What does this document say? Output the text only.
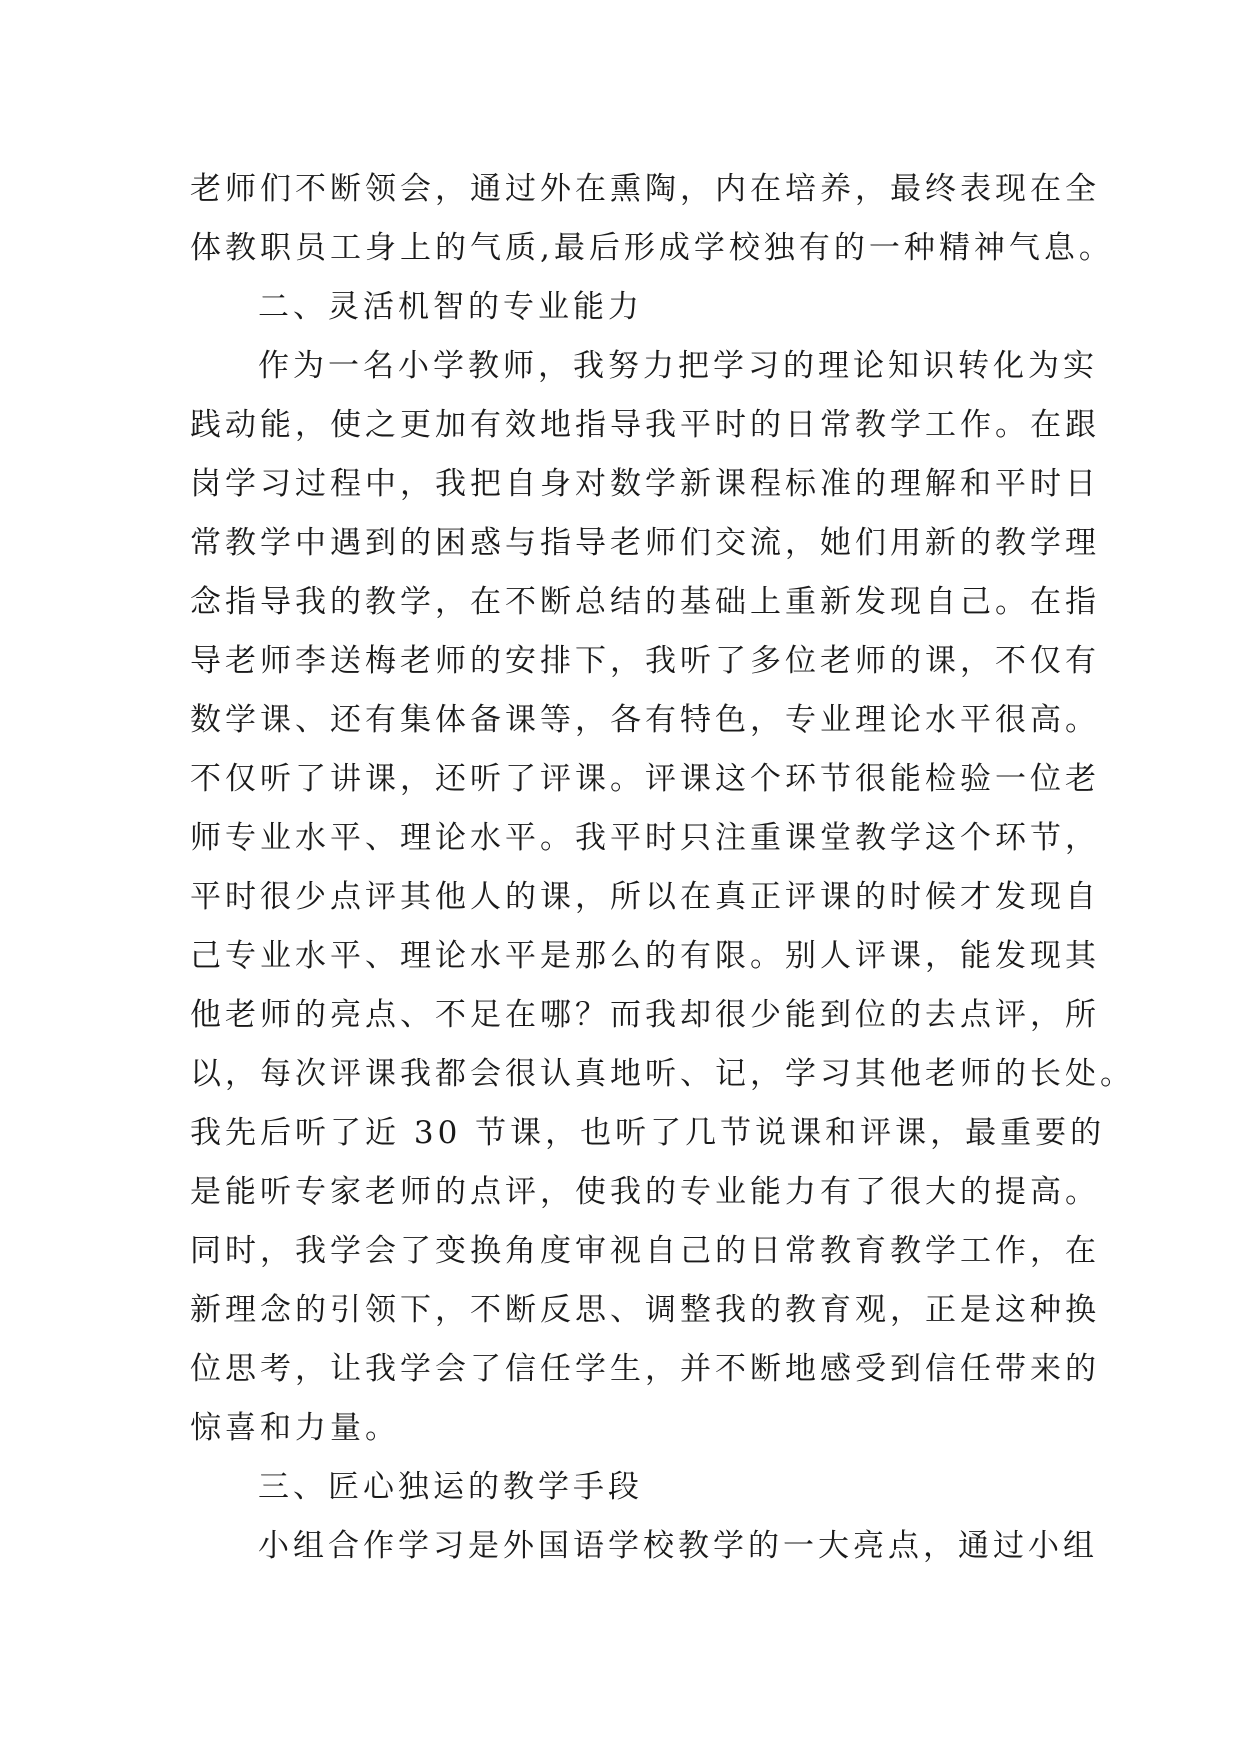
老师们不断领会，通过外在熏陶，内在培养，最终表现在全
体教职员工身上的气质,最后形成学校独有的一种精神气息。
二、灵活机智的专业能力
作为一名小学教师，我努力把学习的理论知识转化为实
践动能，使之更加有效地指导我平时的日常教学工作。在跟
岗学习过程中，我把自身对数学新课程标准的理解和平时日
常教学中遇到的困惑与指导老师们交流，她们用新的教学理
念指导我的教学，在不断总结的基础上重新发现自己。在指
导老师李送梅老师的安排下，我听了多位老师的课，不仅有
数学课、还有集体备课等，各有特色，专业理论水平很高。
不仅听了讲课，还听了评课。评课这个环节很能检验一位老
师专业水平、理论水平。我平时只注重课堂教学这个环节，
平时很少点评其他人的课，所以在真正评课的时候才发现自
己专业水平、理论水平是那么的有限。别人评课，能发现其
他老师的亮点、不足在哪？而我却很少能到位的去点评，所
以，每次评课我都会很认真地听、记，学习其他老师的长处。
我先后听了近 30 节课，也听了几节说课和评课，最重要的
是能听专家老师的点评，使我的专业能力有了很大的提高。
同时，我学会了变换角度审视自己的日常教育教学工作，在
新理念的引领下，不断反思、调整我的教育观，正是这种换
位思考，让我学会了信任学生，并不断地感受到信任带来的
惊喜和力量。
三、匠心独运的教学手段
小组合作学习是外国语学校教学的一大亮点，通过小组
